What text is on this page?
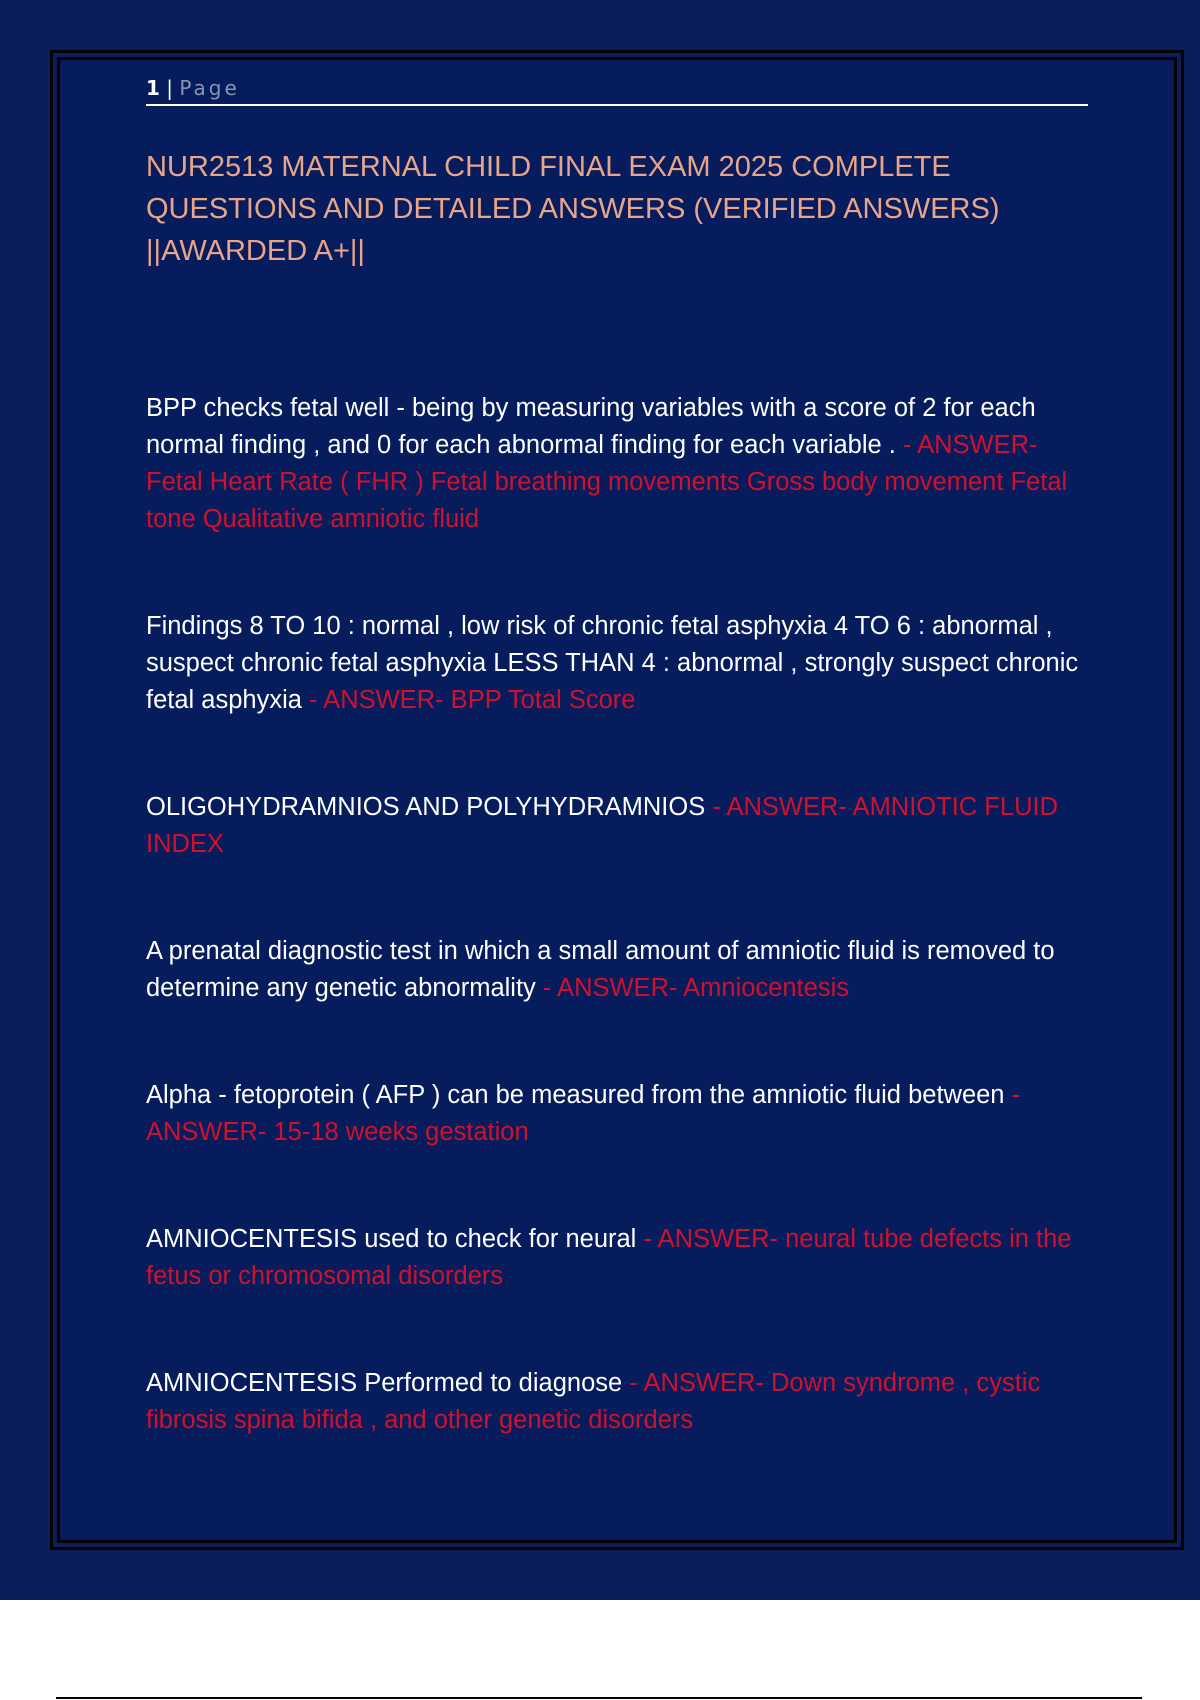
1 | Page
NUR2513 MATERNAL CHILD FINAL EXAM 2025 COMPLETE QUESTIONS AND DETAILED ANSWERS (VERIFIED ANSWERS) ||AWARDED A+||
BPP checks fetal well - being by measuring variables with a score of 2 for each normal finding , and 0 for each abnormal finding for each variable . - ANSWER- Fetal Heart Rate ( FHR ) Fetal breathing movements Gross body movement Fetal tone Qualitative amniotic fluid
Findings 8 TO 10 : normal , low risk of chronic fetal asphyxia 4 TO 6 : abnormal , suspect chronic fetal asphyxia LESS THAN 4 : abnormal , strongly suspect chronic fetal asphyxia - ANSWER- BPP Total Score
OLIGOHYDRAMNIOS AND POLYHYDRAMNIOS - ANSWER- AMNIOTIC FLUID INDEX
A prenatal diagnostic test in which a small amount of amniotic fluid is removed to determine any genetic abnormality - ANSWER- Amniocentesis
Alpha - fetoprotein ( AFP ) can be measured from the amniotic fluid between - ANSWER- 15-18 weeks gestation
AMNIOCENTESIS used to check for neural - ANSWER- neural tube defects in the fetus or chromosomal disorders
AMNIOCENTESIS Performed to diagnose - ANSWER- Down syndrome , cystic fibrosis spina bifida , and other genetic disorders
